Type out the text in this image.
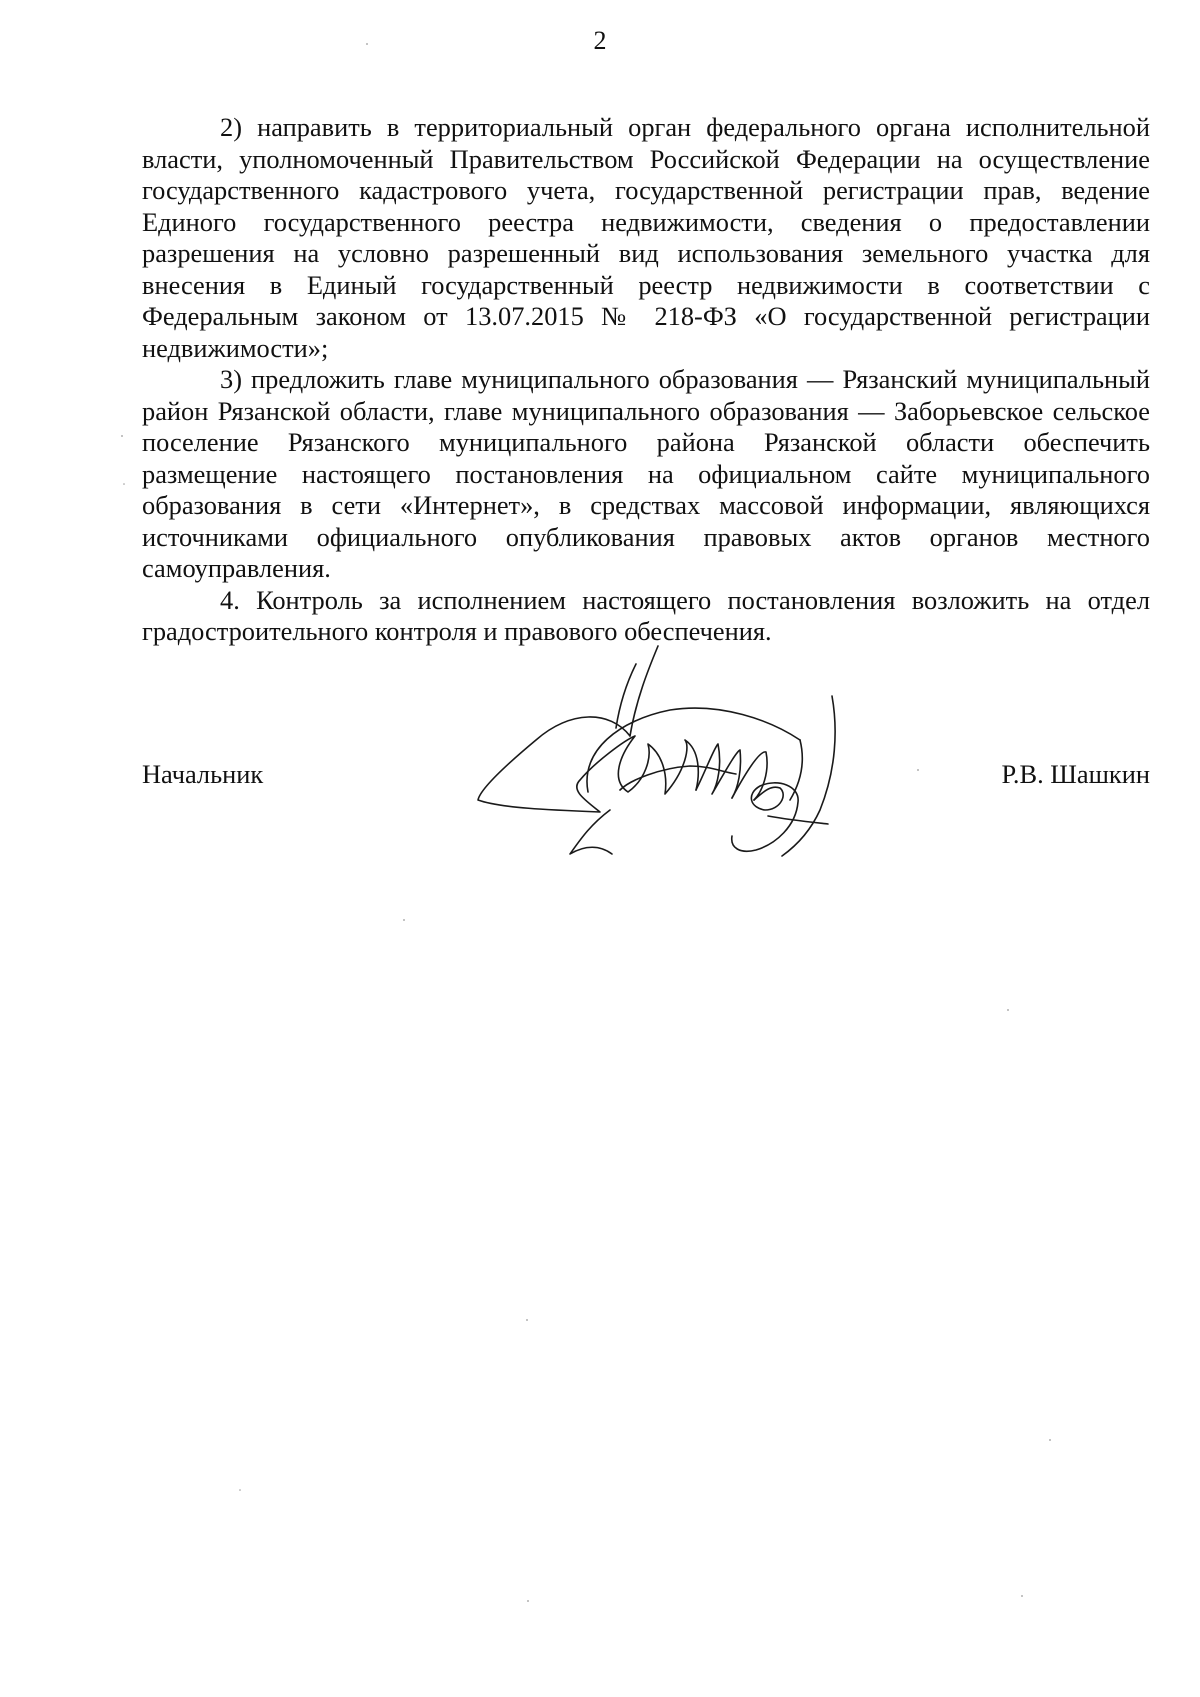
2

2) направить в территориальный орган федерального органа исполнительной власти, уполномоченный Правительством Российской Федерации на осуществление государственного кадастрового учета, государственной регистрации прав, ведение Единого государственного реестра недвижимости, сведения о предоставлении разрешения на условно разрешенный вид использования земельного участка для внесения в Единый государственный реестр недвижимости в соответствии с Федеральным законом от 13.07.2015 № 218-ФЗ «О государственной регистрации недвижимости»;

3) предложить главе муниципального образования — Рязанский муниципальный район Рязанской области, главе муниципального образования — Заборьевское сельское поселение Рязанского муниципального района Рязанской области обеспечить размещение настоящего постановления на официальном сайте муниципального образования в сети «Интернет», в средствах массовой информации, являющихся источниками официального опубликования правовых актов органов местного самоуправления.

4. Контроль за исполнением настоящего постановления возложить на отдел градостроительного контроля и правового обеспечения.

Начальник	Р.В. Шашкин
